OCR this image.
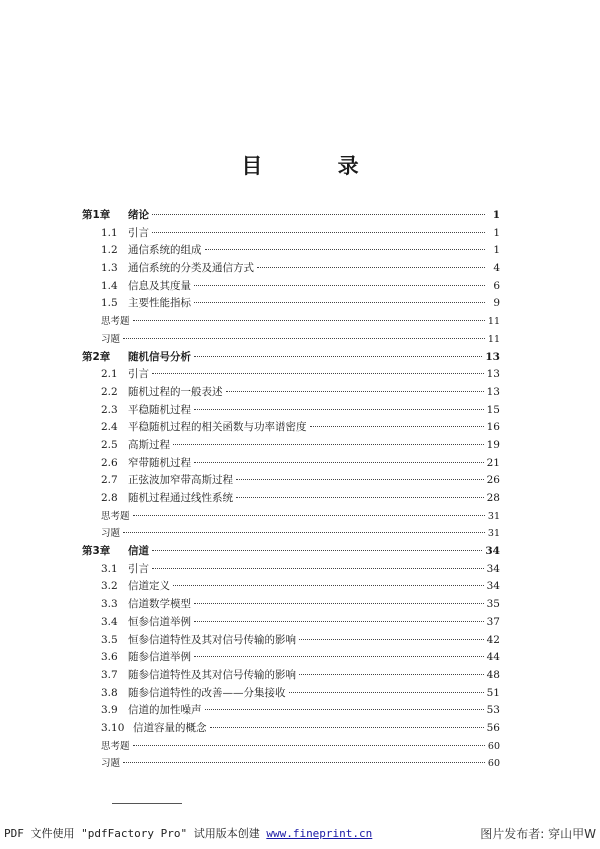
目 录
第1章	绪论	1
1.1 引言	1
1.2 通信系统的组成	1
1.3 通信系统的分类及通信方式	4
1.4 信息及其度量	6
1.5 主要性能指标	9
思考题	11
习题	11
第2章	随机信号分析	13
2.1 引言	13
2.2 随机过程的一般表述	13
2.3 平稳随机过程	15
2.4 平稳随机过程的相关函数与功率谱密度	16
2.5 高斯过程	19
2.6 窄带随机过程	21
2.7 正弦波加窄带高斯过程	26
2.8 随机过程通过线性系统	28
思考题	31
习题	31
第3章	信道	34
3.1 引言	34
3.2 信道定义	34
3.3 信道数学模型	35
3.4 恒参信道举例	37
3.5 恒参信道特性及其对信号传输的影响	42
3.6 随参信道举例	44
3.7 随参信道特性及其对信号传输的影响	48
3.8 随参信道特性的改善——分集接收	51
3.9 信道的加性噪声	53
3.10 信道容量的概念	56
思考题	60
习题	60
PDF 文件使用 "pdfFactory Pro" 试用版本创建 www.fineprint.cn	图片发布者: 穿山甲W
